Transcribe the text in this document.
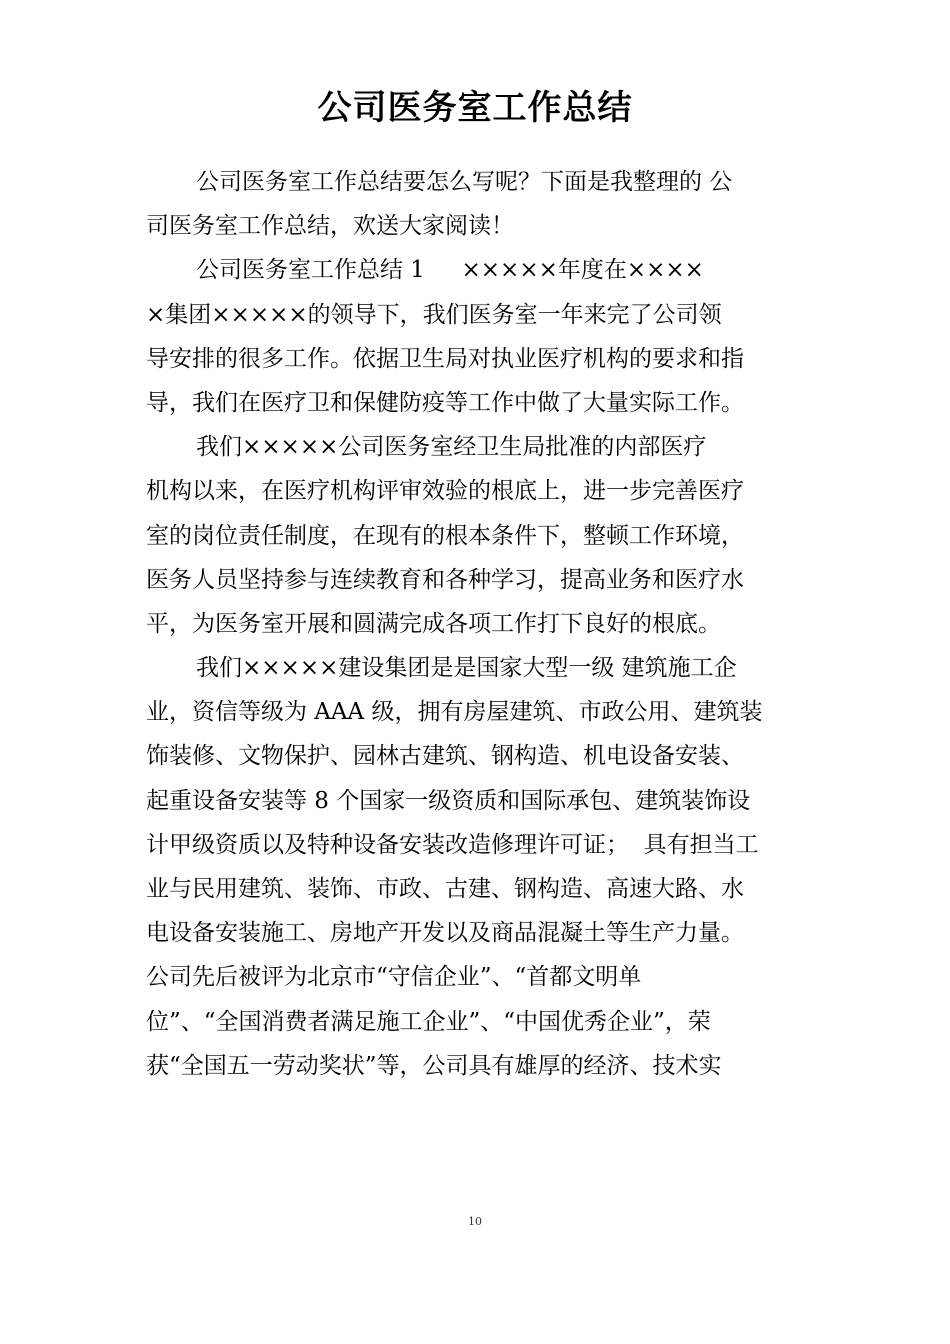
公司医务室工作总结

公司医务室工作总结要怎么写呢？下面是我整理的 公

司医务室工作总结，欢送大家阅读！

公司医务室工作总结 1     ×××××年度在××××

×集团×××××的领导下，我们医务室一年来完了公司领

导安排的很多工作。依据卫生局对执业医疗机构的要求和指

导，我们在医疗卫和保健防疫等工作中做了大量实际工作。

我们×××××公司医务室经卫生局批准的内部医疗

机构以来，在医疗机构评审效验的根底上，进一步完善医疗

室的岗位责任制度，在现有的根本条件下，整顿工作环境，

医务人员坚持参与连续教育和各种学习，提高业务和医疗水

平，为医务室开展和圆满完成各项工作打下良好的根底。

我们×××××建设集团是是国家大型一级 建筑施工企

业，资信等级为 AAA 级，拥有房屋建筑、市政公用、建筑装

饰装修、文物保护、园林古建筑、钢构造、机电设备安装、

起重设备安装等 8 个国家一级资质和国际承包、建筑装饰设

计甲级资质以及特种设备安装改造修理许可证；  具有担当工

业与民用建筑、装饰、市政、古建、钢构造、高速大路、水

电设备安装施工、房地产开发以及商品混凝土等生产力量。

公司先后被评为北京市“守信企业”、“首都文明单

位”、“全国消费者满足施工企业”、“中国优秀企业”，荣

获“全国五一劳动奖状”等，公司具有雄厚的经济、技术实

10
